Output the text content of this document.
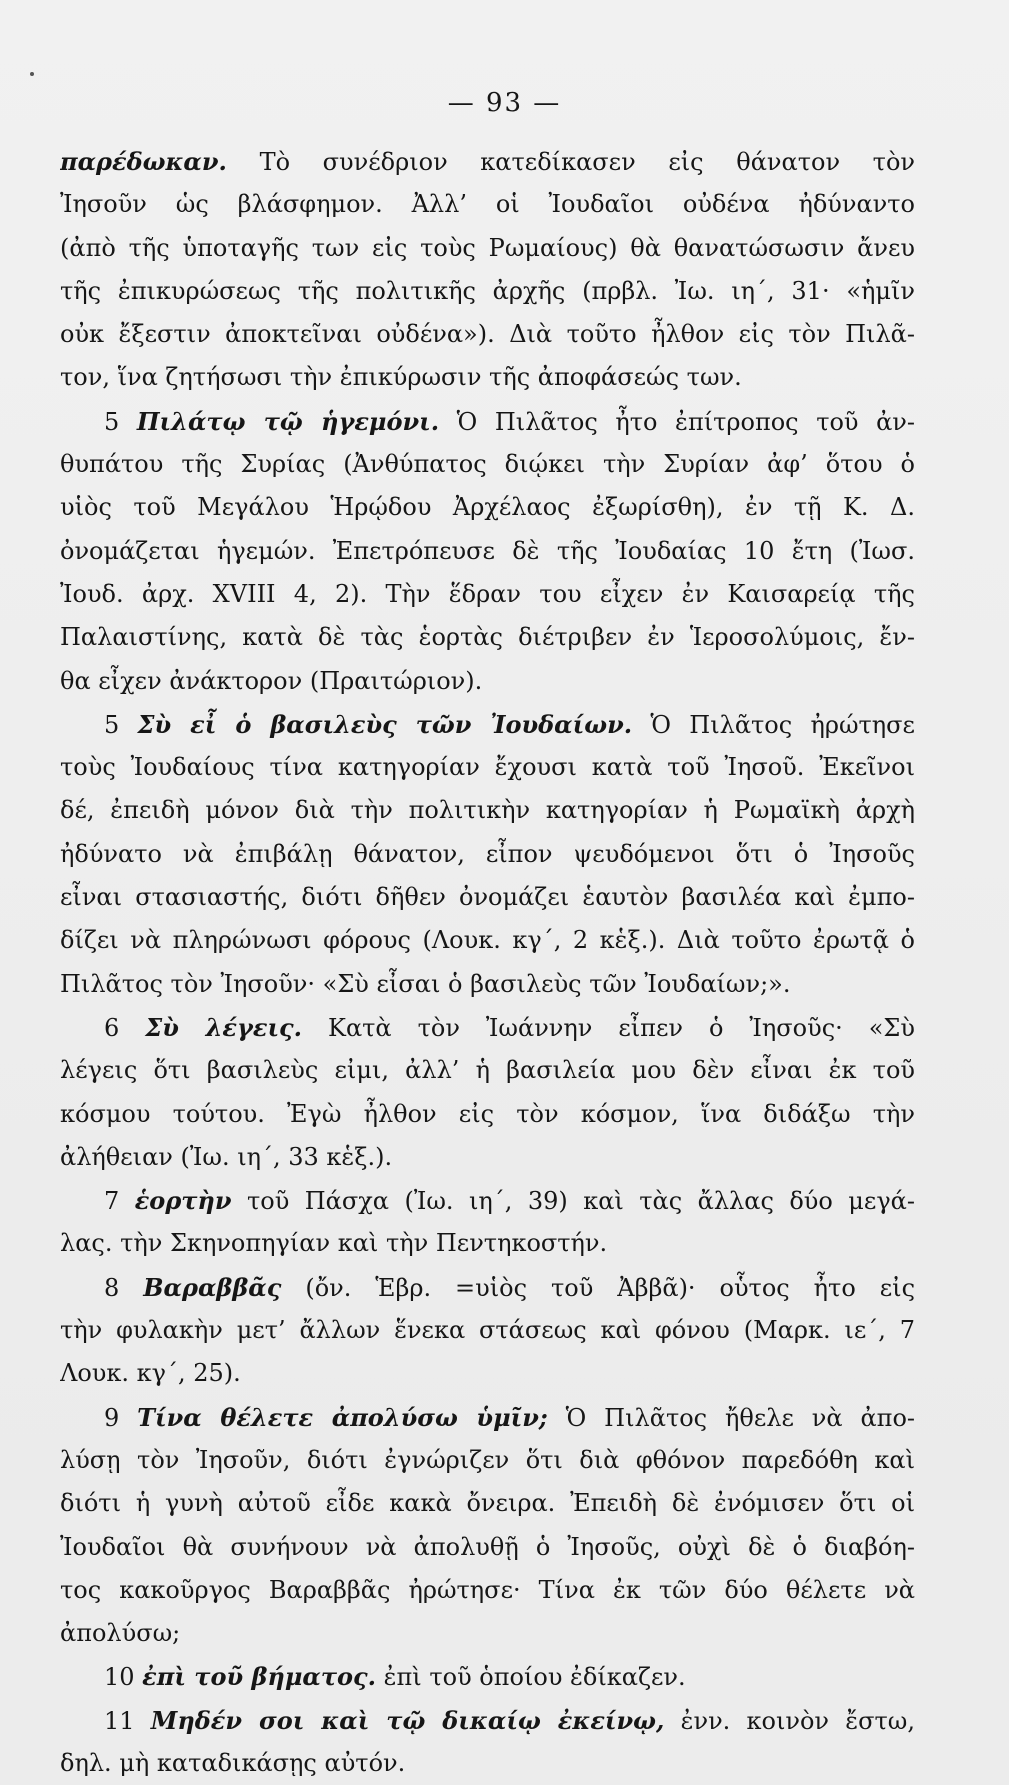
— 93 —
παρέδωκαν. Τὸ συνέδριον κατεδίκασεν εἰς θάνατον τὸν
Ἰησοῦν ὡς βλάσφημον. Ἀλλ’ οἱ Ἰουδαῖοι οὐδένα ἠδύναντο
(ἀπὸ τῆς ὑποταγῆς των εἰς τοὺς Ρωμαίους) θὰ θανατώσωσιν ἄνευ
τῆς ἐπικυρώσεως τῆς πολιτικῆς ἀρχῆς (πρβλ. Ἰω. ιη΄, 31· «ἡμῖν
οὐκ ἔξεστιν ἀποκτεῖναι οὐδένα»). Διὰ τοῦτο ἦλθον εἰς τὸν Πιλᾶ-
τον, ἵνα ζητήσωσι τὴν ἐπικύρωσιν τῆς ἀποφάσεώς των.
5 Πιλάτῳ τῷ ἡγεμόνι. Ὁ Πιλᾶτος ἦτο ἐπίτροπος τοῦ ἀν-
θυπάτου τῆς Συρίας (Ἀνθύπατος διῴκει τὴν Συρίαν ἀφ’ ὅτου ὁ
υἱὸς τοῦ Μεγάλου Ἡρῴδου Ἀρχέλαος ἐξωρίσθη), ἐν τῇ Κ. Δ.
ὀνομάζεται ἡγεμών. Ἐπετρόπευσε δὲ τῆς Ἰουδαίας 10 ἔτη (Ἰωσ.
Ἰουδ. ἀρχ. XVIII 4, 2). Τὴν ἕδραν του εἶχεν ἐν Καισαρείᾳ τῆς
Παλαιστίνης, κατὰ δὲ τὰς ἑορτὰς διέτριβεν ἐν Ἱεροσολύμοις, ἔν-
θα εἶχεν ἀνάκτορον (Πραιτώριον).
5 Σὺ εἶ ὁ βασιλεὺς τῶν Ἰουδαίων. Ὁ Πιλᾶτος ἠρώτησε
τοὺς Ἰουδαίους τίνα κατηγορίαν ἔχουσι κατὰ τοῦ Ἰησοῦ. Ἐκεῖνοι
δέ, ἐπειδὴ μόνον διὰ τὴν πολιτικὴν κατηγορίαν ἡ Ρωμαϊκὴ ἀρχὴ
ἠδύνατο νὰ ἐπιβάλῃ θάνατον, εἶπον ψευδόμενοι ὅτι ὁ Ἰησοῦς
εἶναι στασιαστής, διότι δῆθεν ὀνομάζει ἑαυτὸν βασιλέα καὶ ἐμπο-
δίζει νὰ πληρώνωσι φόρους (Λουκ. κγ΄, 2 κἑξ.). Διὰ τοῦτο ἐρωτᾷ ὁ
Πιλᾶτος τὸν Ἰησοῦν· «Σὺ εἶσαι ὁ βασιλεὺς τῶν Ἰουδαίων;».
6 Σὺ λέγεις. Κατὰ τὸν Ἰωάννην εἶπεν ὁ Ἰησοῦς· «Σὺ
λέγεις ὅτι βασιλεὺς εἰμι, ἀλλ’ ἡ βασιλεία μου δὲν εἶναι ἐκ τοῦ
κόσμου τούτου. Ἐγὼ ἦλθον εἰς τὸν κόσμον, ἵνα διδάξω τὴν
ἀλήθειαν (Ἰω. ιη΄, 33 κἑξ.).
7 ἑορτὴν τοῦ Πάσχα (Ἰω. ιη΄, 39) καὶ τὰς ἄλλας δύο μεγά-
λας. τὴν Σκηνοπηγίαν καὶ τὴν Πεντηκοστήν.
8 Βαραββᾶς (ὄν. Ἑβρ. =υἱὸς τοῦ Ἀββᾶ)· οὗτος ἦτο εἰς
τὴν φυλακὴν μετ’ ἄλλων ἕνεκα στάσεως καὶ φόνου (Μαρκ. ιε΄, 7
Λουκ. κγ΄, 25).
9 Τίνα θέλετε ἀπολύσω ὑμῖν; Ὁ Πιλᾶτος ἤθελε νὰ ἀπο-
λύσῃ τὸν Ἰησοῦν, διότι ἐγνώριζεν ὅτι διὰ φθόνον παρεδόθη καὶ
διότι ἡ γυνὴ αὐτοῦ εἶδε κακὰ ὄνειρα. Ἐπειδὴ δὲ ἐνόμισεν ὅτι οἱ
Ἰουδαῖοι θὰ συνήνουν νὰ ἀπολυθῇ ὁ Ἰησοῦς, οὐχὶ δὲ ὁ διαβόη-
τος κακοῦργος Βαραββᾶς ἠρώτησε· Τίνα ἐκ τῶν δύο θέλετε νὰ
ἀπολύσω;
10 ἐπὶ τοῦ βήματος. ἐπὶ τοῦ ὁποίου ἐδίκαζεν.
11 Μηδέν σοι καὶ τῷ δικαίῳ ἐκείνῳ, ἐνν. κοινὸν ἔστω,
δηλ. μὴ καταδικάσῃς αὐτόν.
